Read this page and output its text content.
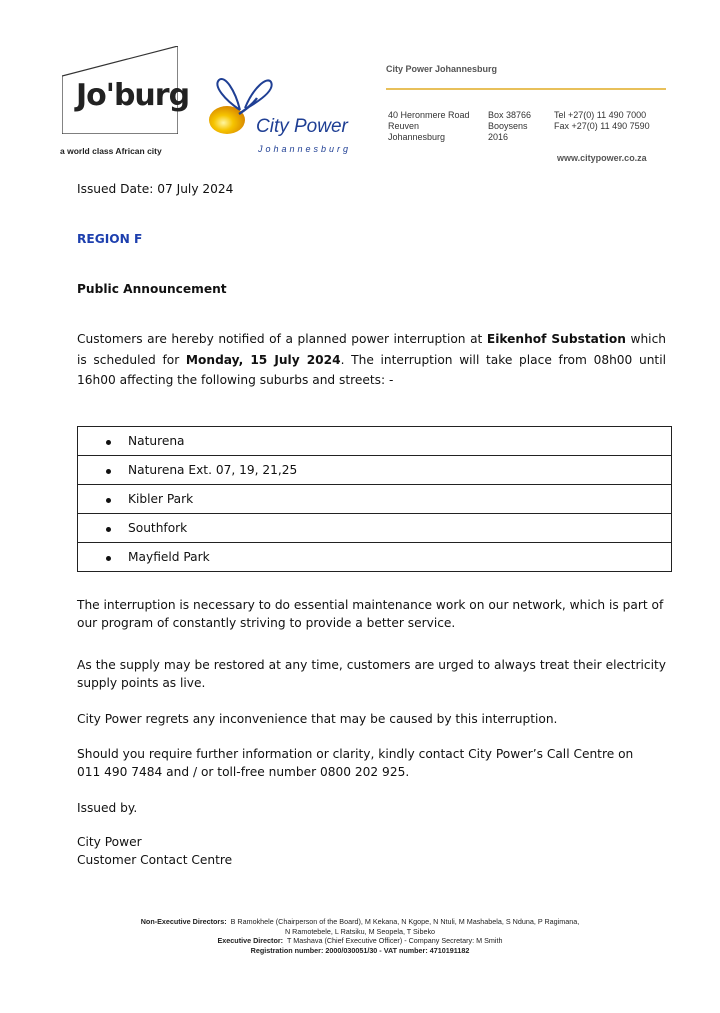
Jo'burg
a world class African city
City Power
Johannesburg
City Power Johannesburg
40 Heronmere Road
Reuven
Johannesburg
Box 38766
Booysens
2016
Tel +27(0) 11 490 7000
Fax +27(0) 11 490 7590
www.citypower.co.za
Issued Date: 07 July 2024
REGION F
Public Announcement
Customers are hereby notified of a planned power interruption at Eikenhof Substation which is scheduled for Monday, 15 July 2024. The interruption will take place from 08h00 until 16h00 affecting the following suburbs and streets: -
Naturena

Naturena Ext. 07, 19, 21,25

Kibler Park

Southfork

Mayfield Park
The interruption is necessary to do essential maintenance work on our network, which is part of our program of constantly striving to provide a better service.
As the supply may be restored at any time, customers are urged to always treat their electricity supply points as live.
City Power regrets any inconvenience that may be caused by this interruption.
Should you require further information or clarity, kindly contact City Power’s Call Centre on
011 490 7484 and / or toll-free number 0800 202 925.
Issued by.
City Power
Customer Contact Centre
Non-Executive Directors: B Ramokhele (Chairperson of the Board), M Kekana, N Kgope, N Ntuli, M Mashabela, S Nduna, P Ragimana,
N Ramotebele, L Ratsiku, M Seopela, T Sibeko
Executive Director: T Mashava (Chief Executive Officer) - Company Secretary: M Smith
Registration number: 2000/030051/30 - VAT number: 4710191182
